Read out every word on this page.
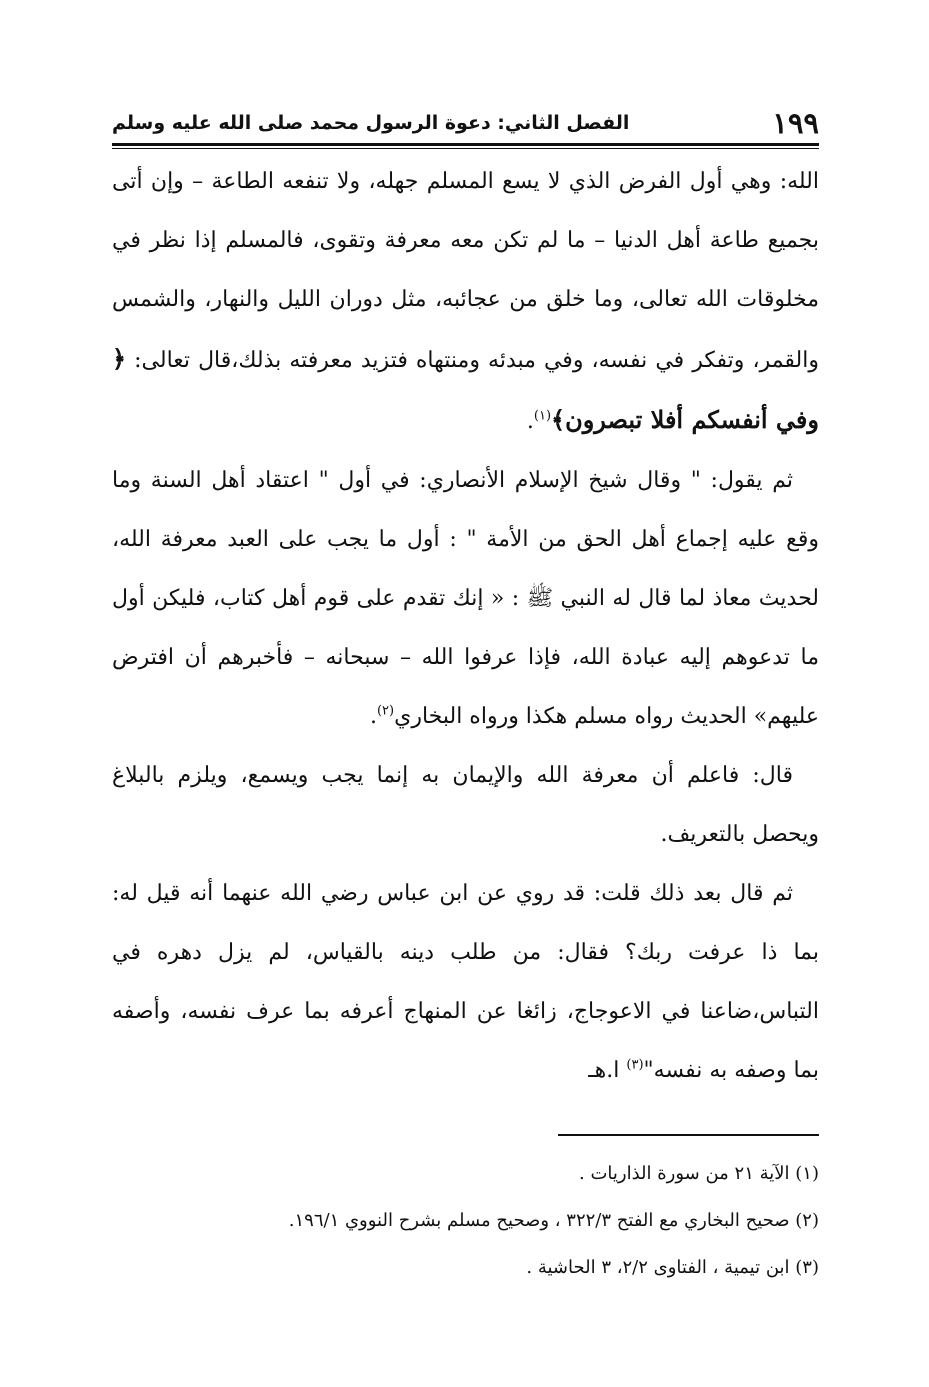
١٩٩
الفصل الثاني: دعوة الرسول محمد صلى الله عليه وسلم

الله: وهي أول الفرض الذي لا يسع المسلم جهله، ولا تنفعه الطاعة – وإن أتى بجميع طاعة أهل الدنيا – ما لم تكن معه معرفة وتقوى، فالمسلم إذا نظر في مخلوقات الله تعالى، وما خلق من عجائبه، مثل دوران الليل والنهار، والشمس والقمر، وتفكر في نفسه، وفي مبدئه ومنتهاه فتزيد معرفته بذلك،قال تعالى: ﴿ وفي أنفسكم أفلا تبصرون﴾$^{(١)}$.

ثم يقول: " وقال شيخ الإسلام الأنصاري: في أول " اعتقاد أهل السنة وما وقع عليه إجماع أهل الحق من الأمة " : أول ما يجب على العبد معرفة الله، لحديث معاذ لما قال له النبي ﷺ : « إنك تقدم على قوم أهل كتاب، فليكن أول ما تدعوهم إليه عبادة الله، فإذا عرفوا الله – سبحانه – فأخبرهم أن افترض عليهم» الحديث رواه مسلم هكذا ورواه البخاري$^{(٢)}$.

قال: فاعلم أن معرفة الله والإيمان به إنما يجب ويسمع، ويلزم بالبلاغ ويحصل بالتعريف.

ثم قال بعد ذلك قلت: قد روي عن ابن عباس رضي الله عنهما أنه قيل له: بما ذا عرفت ربك؟ فقال: من طلب دينه بالقياس، لم يزل دهره في التباس،ضاعنا في الاعوجاج، زائغا عن المنهاج أعرفه بما عرف نفسه، وأصفه بما وصفه به نفسه"$^{(٣)}$ ا.هـ

(١) الآية ٢١ من سورة الذاريات .

(٢) صحيح البخاري مع الفتح ٣٢٢/٣ ، وصحيح مسلم بشرح النووي ١٩٦/١.

(٣) ابن تيمية ، الفتاوى ٢/٢، ٣ الحاشية .
